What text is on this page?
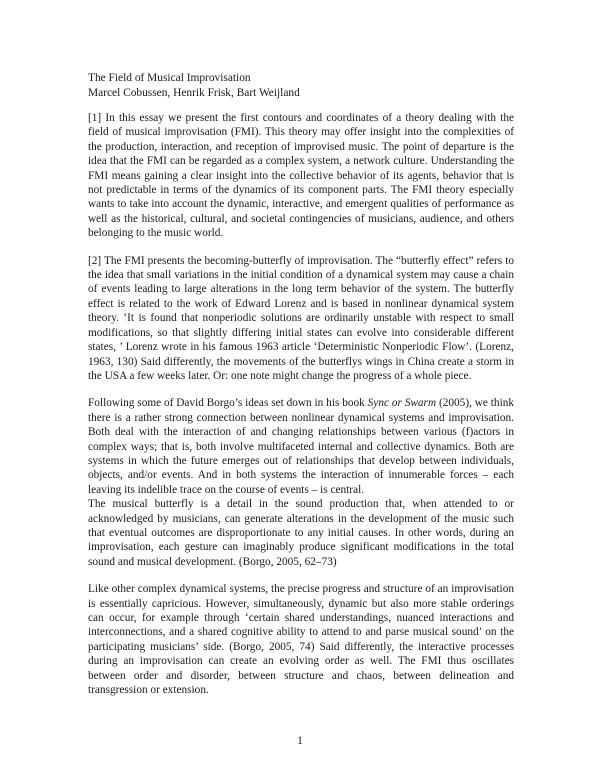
The Field of Musical Improvisation
Marcel Cobussen, Henrik Frisk, Bart Weijland

[1] In this essay we present the first contours and coordinates of a theory dealing with the field of musical improvisation (FMI). This theory may offer insight into the complexities of the production, interaction, and reception of improvised music. The point of departure is the idea that the FMI can be regarded as a complex system, a network culture. Understanding the FMI means gaining a clear insight into the collective behavior of its agents, behavior that is not predictable in terms of the dynamics of its component parts. The FMI theory especially wants to take into account the dynamic, interactive, and emergent qualities of performance as well as the historical, cultural, and societal contingencies of musicians, audience, and others belonging to the music world.

[2] The FMI presents the becoming-butterfly of improvisation. The “butterfly effect” refers to the idea that small variations in the initial condition of a dynamical system may cause a chain of events leading to large alterations in the long term behavior of the system. The butterfly effect is related to the work of Edward Lorenz and is based in nonlinear dynamical system theory. ‘It is found that nonperiodic solutions are ordinarily unstable with respect to small modifications, so that slightly differing initial states can evolve into considerable different states, ’ Lorenz wrote in his famous 1963 article ‘Deterministic Nonperiodic Flow’. (Lorenz, 1963, 130) Said differently, the movements of the butterflys wings in China create a storm in the USA a few weeks later. Or: one note might change the progress of a whole piece.

Following some of David Borgo’s ideas set down in his book Sync or Swarm (2005), we think there is a rather strong connection between nonlinear dynamical systems and improvisation. Both deal with the interaction of and changing relationships between various (f)actors in complex ways; that is, both involve multifaceted internal and collective dynamics. Both are systems in which the future emerges out of relationships that develop between individuals, objects, and/or events. And in both systems the interaction of innumerable forces – each leaving its indelible trace on the course of events – is central.

The musical butterfly is a detail in the sound production that, when attended to or acknowledged by musicians, can generate alterations in the development of the music such that eventual outcomes are disproportionate to any initial causes. In other words, during an improvisation, each gesture can imaginably produce significant modifications in the total sound and musical development. (Borgo, 2005, 62–73)

Like other complex dynamical systems, the precise progress and structure of an improvisation is essentially capricious. However, simultaneously, dynamic but also more stable orderings can occur, for example through ‘certain shared understandings, nuanced interactions and interconnections, and a shared cognitive ability to attend to and parse musical sound’ on the participating musicians’ side. (Borgo, 2005, 74) Said differently, the interactive processes during an improvisation can create an evolving order as well. The FMI thus oscillates between order and disorder, between structure and chaos, between delineation and transgression or extension.

1
